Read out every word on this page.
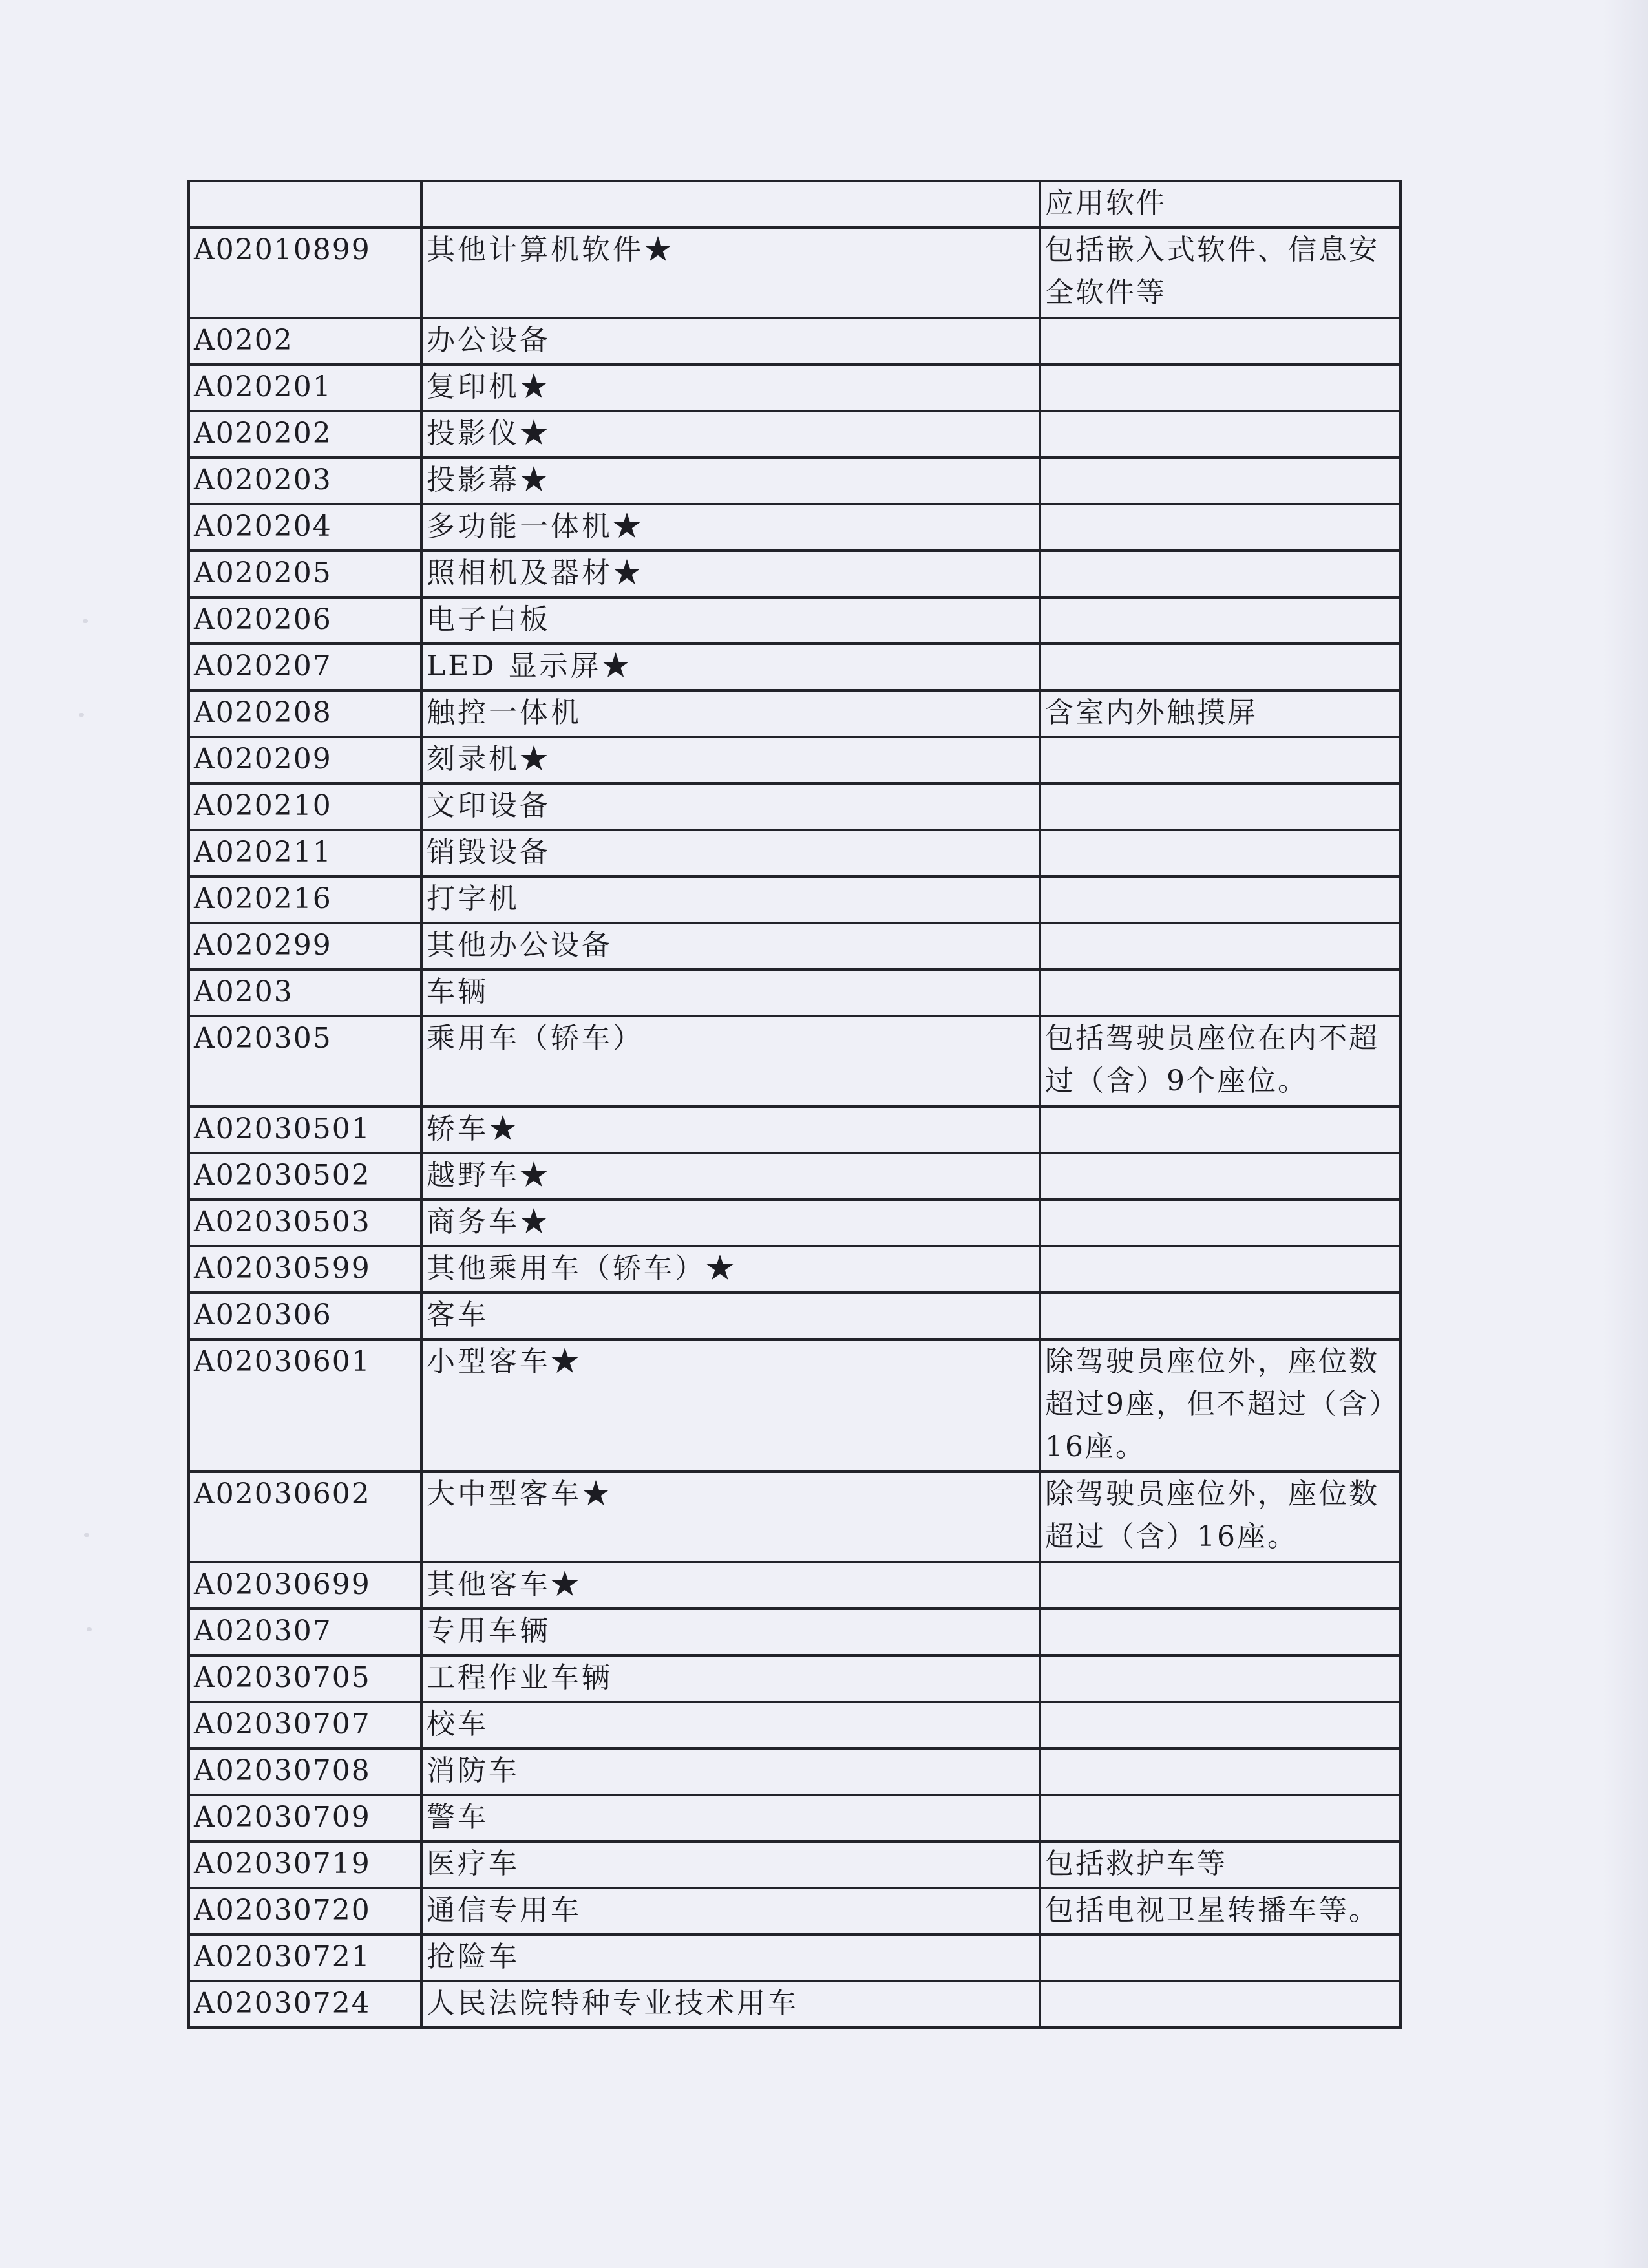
		应用软件
A02010899	其他计算机软件★	包括嵌入式软件、信息安全软件等
A0202	办公设备	
A020201	复印机★	
A020202	投影仪★	
A020203	投影幕★	
A020204	多功能一体机★	
A020205	照相机及器材★	
A020206	电子白板	
A020207	LED 显示屏★	
A020208	触控一体机	含室内外触摸屏
A020209	刻录机★	
A020210	文印设备	
A020211	销毁设备	
A020216	打字机	
A020299	其他办公设备	
A0203	车辆	
A020305	乘用车（轿车）	包括驾驶员座位在内不超过（含）9个座位。
A02030501	轿车★	
A02030502	越野车★	
A02030503	商务车★	
A02030599	其他乘用车（轿车）★	
A020306	客车	
A02030601	小型客车★	除驾驶员座位外，座位数超过9座，但不超过（含）16座。
A02030602	大中型客车★	除驾驶员座位外，座位数超过（含）16座。
A02030699	其他客车★	
A020307	专用车辆	
A02030705	工程作业车辆	
A02030707	校车	
A02030708	消防车	
A02030709	警车	
A02030719	医疗车	包括救护车等
A02030720	通信专用车	包括电视卫星转播车等。
A02030721	抢险车	
A02030724	人民法院特种专业技术用车	
